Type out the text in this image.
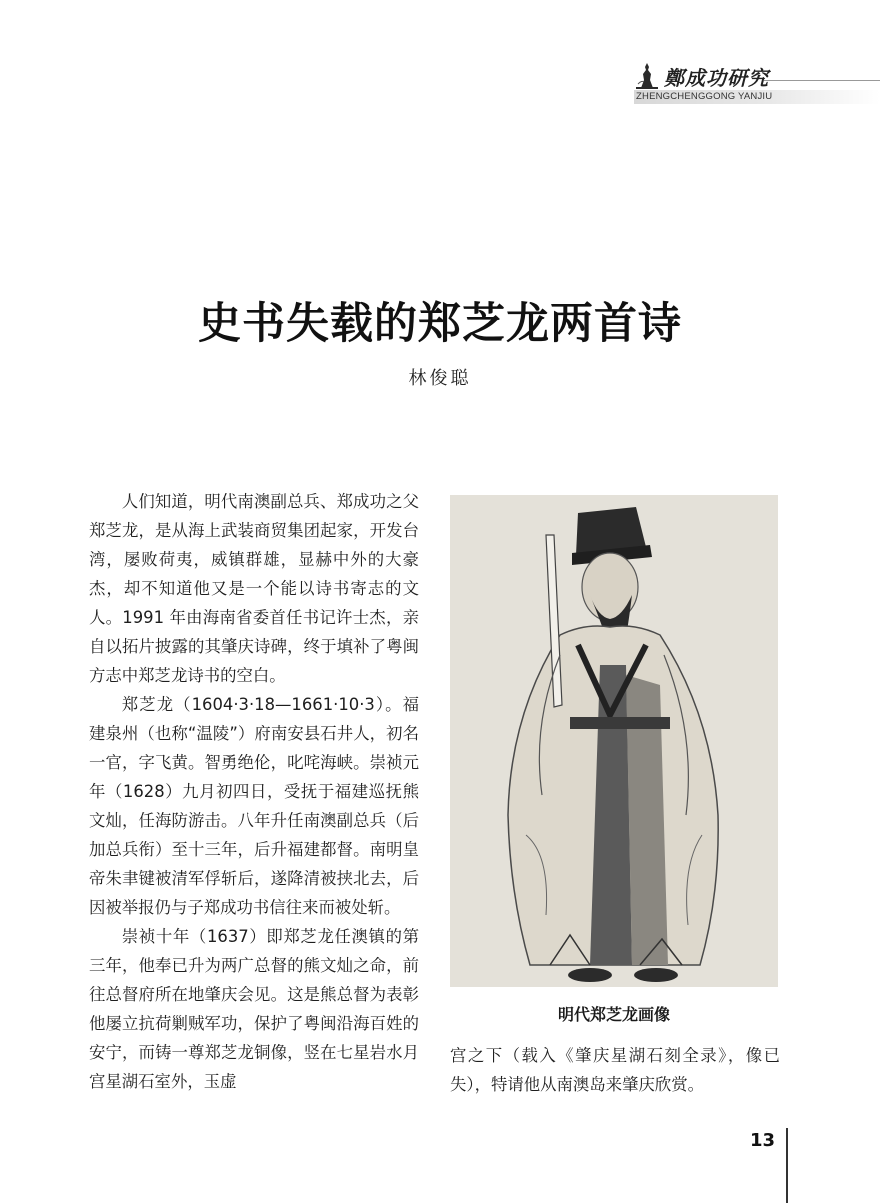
鄭成功研究
ZHENGCHENGGONG YANJIU
史书失载的郑芝龙两首诗
林俊聪

人们知道，明代南澳副总兵、郑成功之父郑芝龙，是从海上武装商贸集团起家，开发台湾，屡败荷夷，威镇群雄，显赫中外的大豪杰，却不知道他又是一个能以诗书寄志的文人。1991 年由海南省委首任书记许士杰，亲自以拓片披露的其肇庆诗碑，终于填补了粤闽方志中郑芝龙诗书的空白。

郑芝龙（1604·3·18—1661·10·3）。福建泉州（也称“温陵”）府南安县石井人，初名一官，字飞黄。智勇绝伦，叱咤海峡。崇祯元年（1628）九月初四日，受抚于福建巡抚熊文灿，任海防游击。八年升任南澳副总兵（后加总兵衔）至十三年，后升福建都督。南明皇帝朱聿键被清军俘斩后，遂降清被挟北去，后因被举报仍与子郑成功书信往来而被处斩。

崇祯十年（1637）即郑芝龙任澳镇的第三年，他奉已升为两广总督的熊文灿之命，前往总督府所在地肇庆会见。这是熊总督为表彰他屡立抗荷剿贼军功，保护了粤闽沿海百姓的安宁，而铸一尊郑芝龙铜像，竖在七星岩水月宫星湖石室外，玉虚

明代郑芝龙画像

宫之下（载入《肇庆星湖石刻全录》，像已失），特请他从南澳岛来肇庆欣赏。

13
